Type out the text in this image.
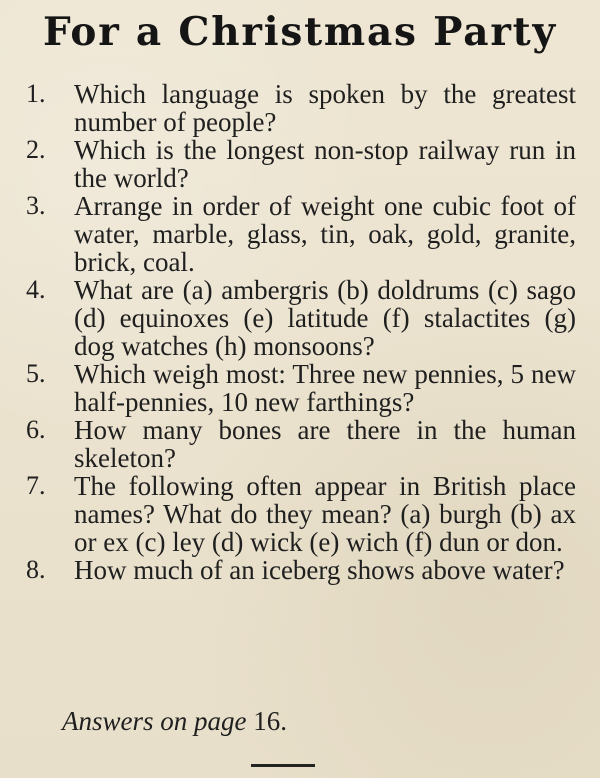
For a Christmas Party
1.	Which language is spoken by the greatest number of people?
2.	Which is the longest non-stop railway run in the world?
3.	Arrange in order of weight one cubic foot of water, marble, glass, tin, oak, gold, granite, brick, coal.
4.	What are (a) ambergris (b) doldrums (c) sago (d) equinoxes (e) latitude (f) stalactites (g) dog watches (h) monsoons?
5.	Which weigh most: Three new pennies, 5 new half-pennies, 10 new farthings?
6.	How many bones are there in the human skeleton?
7.	The following often appear in British place names? What do they mean? (a) burgh (b) ax or ex (c) ley (d) wick (e) wich (f) dun or don.
8.	How much of an iceberg shows above water?

Answers on page 16.
